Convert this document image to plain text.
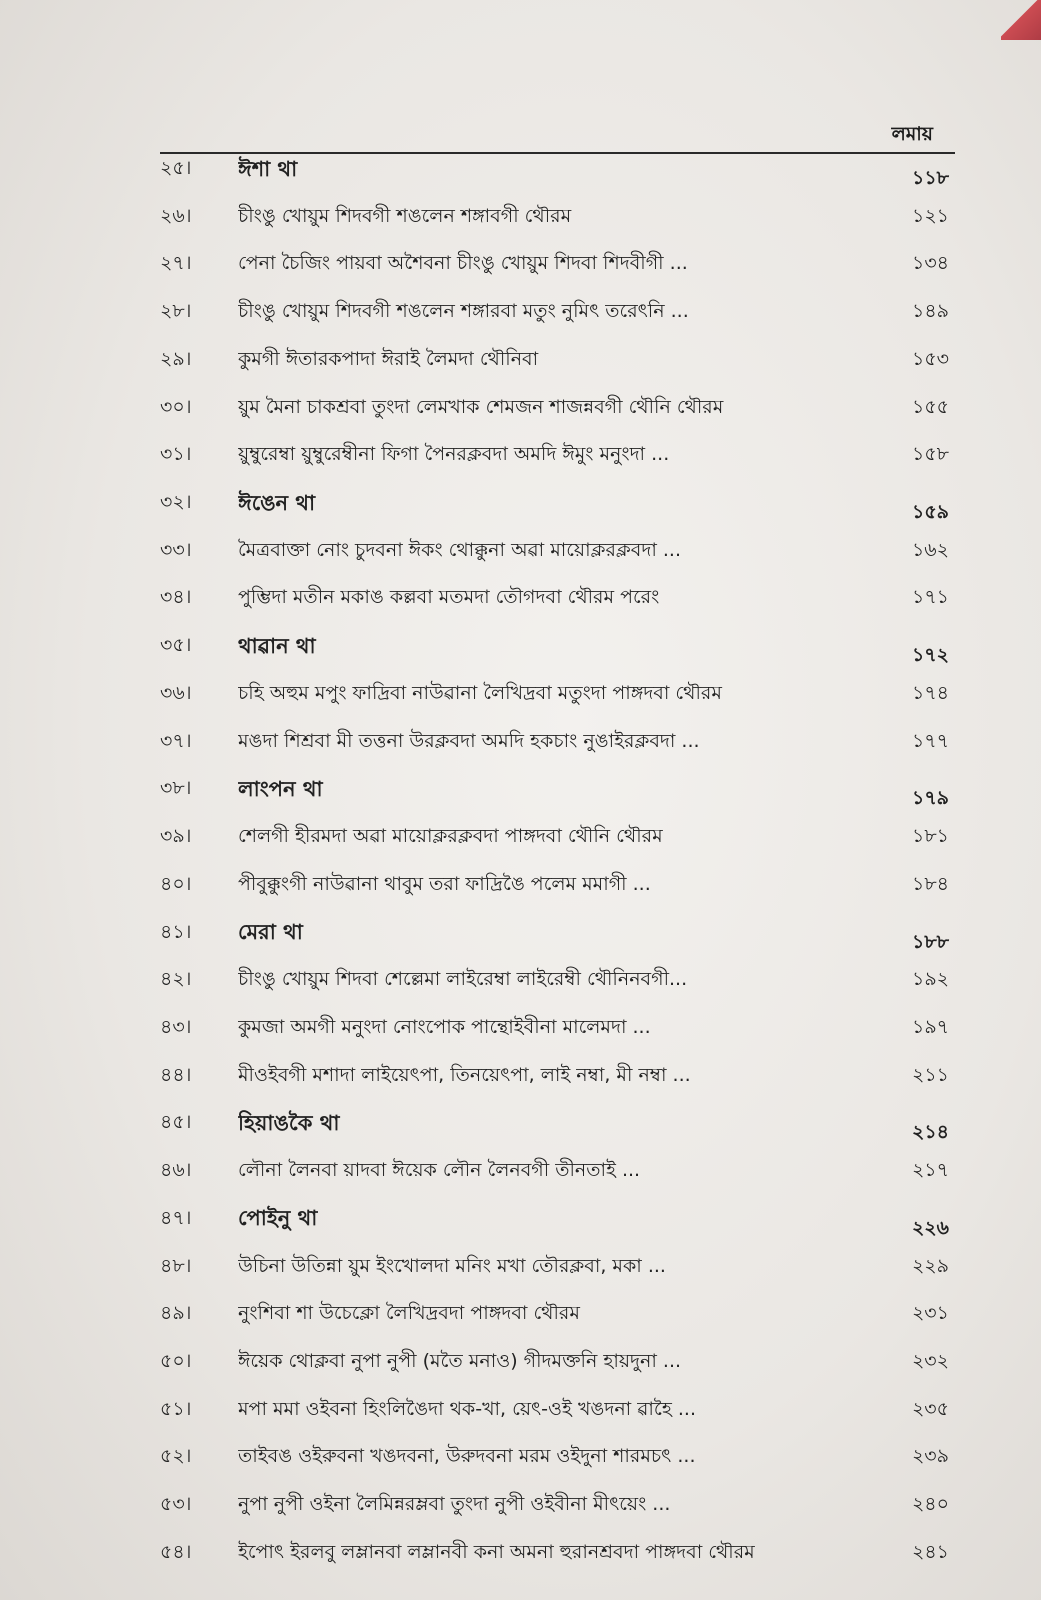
লমায়
২৫।	ঈশা থা	১১৮
২৬।	চীংঙু খোয়ুম শিদবগী শঙলেন শঙ্গাবগী থৌরম	১২১
২৭।	পেনা চৈজিং পায়বা অশৈবনা চীংঙু খোয়ুম শিদবা শিদবীগী ...	১৩৪
২৮।	চীংঙু খোয়ুম শিদবগী শঙলেন শঙ্গারবা মতুং নুমিৎ তরেৎনি ...	১৪৯
২৯।	কুমগী ঈতারকপাদা ঈরাই লৈমদা থৌনিবা	১৫৩
৩০।	য়ুম মৈনা চাকশ্রবা তুংদা লেমখাক শেমজন শাজন্নবগী থৌনি থৌরম	১৫৫
৩১।	য়ুম্বুরেম্বা য়ুম্বুরেম্বীনা ফিগা পৈনরক্লবদা অমদি ঈমুং মনুংদা ...	১৫৮
৩২।	ঈঙেন থা	১৫৯
৩৩।	মৈত্রবাক্তা নোং চুদবনা ঈকং থোক্কুনা অৱা মায়োক্লরক্লবদা ...	১৬২
৩৪।	পুম্ভিদা মতীন মকাঙ কল্লবা মতমদা তৌগদবা থৌরম পরেং	১৭১
৩৫।	থাৱান থা	১৭২
৩৬।	চহি অহুম মপুং ফাদ্রিবা নাউৱানা লৈখিদ্রবা মতুংদা পাঙ্গদবা থৌরম	১৭৪
৩৭।	মঙদা শিশ্রবা মী তত্তনা উরক্লবদা অমদি হকচাং নুঙাইরক্লবদা ...	১৭৭
৩৮।	লাংপন থা	১৭৯
৩৯।	শেলগী হীরমদা অৱা মায়োক্লরক্লবদা পাঙ্গদবা থৌনি থৌরম	১৮১
৪০।	পীবুক্কুংগী নাউৱানা থাবুম তরা ফাদ্রিঙৈ পলেম মমাগী ...	১৮৪
৪১।	মেরা থা	১৮৮
৪২।	চীংঙু খোয়ুম শিদবা শেল্লেমা লাইরেম্বা লাইরেম্বী থৌনিনবগী...	১৯২
৪৩।	কুমজা অমগী মনুংদা নোংপোক পান্থোইবীনা মালেমদা ...	১৯৭
৪৪।	মীওইবগী মশাদা লাইয়েৎপা, তিনয়েৎপা, লাই নম্বা, মী নম্বা ...	২১১
৪৫।	হিয়াঙকৈ থা	২১৪
৪৬।	লৌনা লৈনবা য়াদবা ঈয়েক লৌন লৈনবগী তীনতাই ...	২১৭
৪৭।	পোইনু থা	২২৬
৪৮।	উচিনা উতিন্না য়ুম ইংখোলদা মনিং মখা তৌরক্লবা, মকা ...	২২৯
৪৯।	নুংশিবা শা উচেক্লো লৈখিদ্রবদা পাঙ্গদবা থৌরম	২৩১
৫০।	ঈয়েক থোক্লবা নুপা নুপী (মতৈ মনাও) গীদমক্তনি হায়দুনা ...	২৩২
৫১।	মপা মমা ওইবনা হিংলিঙৈদা থক-খা, য়েৎ-ওই খঙদনা ৱাহৈ ...	২৩৫
৫২।	তাইবঙ ওইরুবনা খঙদবনা, উরুদবনা মরম ওইদুনা শারমচৎ ...	২৩৯
৫৩।	নুপা নুপী ওইনা লৈমিন্নরম্লবা তুংদা নুপী ওইবীনা মীৎয়েং ...	২৪০
৫৪।	ইপোৎ ইরলবু লম্লানবা লম্লানবী কনা অমনা হুরানশ্রবদা পাঙ্গদবা থৌরম	২৪১
